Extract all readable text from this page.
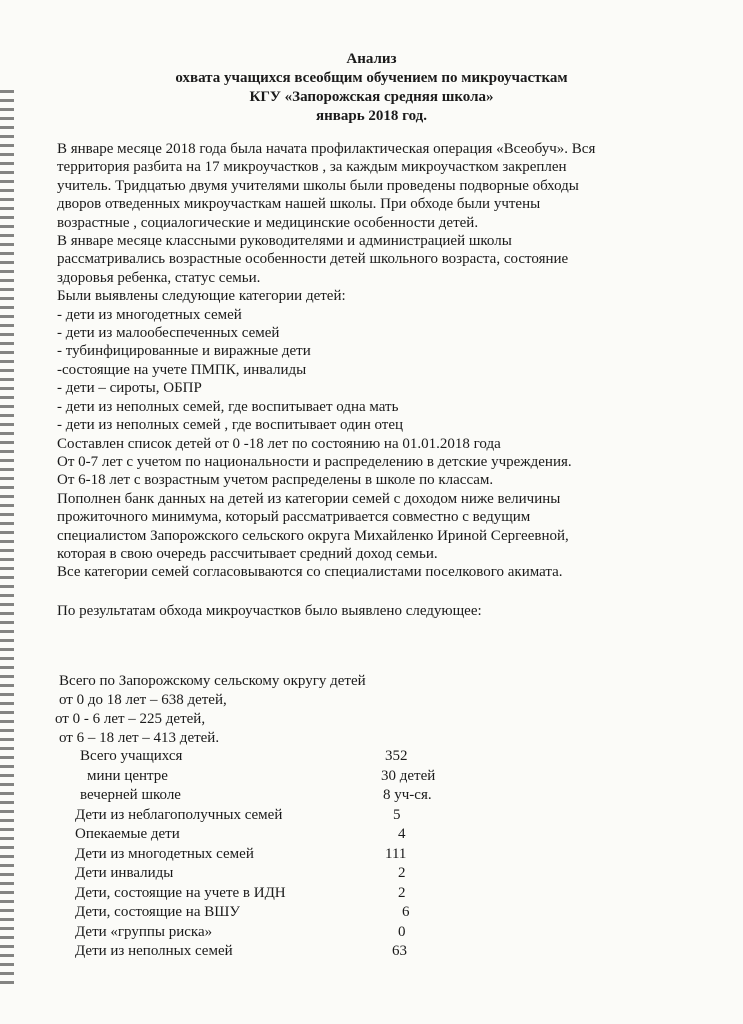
Анализ
охвата учащихся всеобщим обучением по микроучасткам
КГУ «Запорожская средняя школа»
январь 2018 год.
В январе месяце 2018 года была начата профилактическая операция «Всеобуч». Вся
территория разбита на 17 микроучастков , за каждым микроучастком закреплен
учитель. Тридцатью двумя учителями школы были проведены подворные обходы
дворов отведенных микроучасткам нашей школы. При обходе были учтены
возрастные , социалогические и медицинские особенности детей.
В январе месяце классными руководителями и администрацией школы
рассматривались возрастные особенности детей школьного возраста, состояние
здоровья ребенка, статус семьи.
Были выявлены следующие категории детей:
- дети из многодетных семей
- дети из малообеспеченных семей
- тубинфицированные и виражные дети
-состоящие на учете ПМПК, инвалиды
- дети – сироты, ОБПР
- дети из неполных семей, где воспитывает одна мать
- дети из неполных семей , где воспитывает один отец
Составлен список детей от 0 -18 лет по состоянию на 01.01.2018 года
От 0-7 лет с учетом по национальности и распределению в детские учреждения.
От 6-18 лет с возрастным учетом распределены в школе по классам.
Пополнен банк данных на детей из категории семей с доходом ниже величины
прожиточного минимума, который рассматривается совместно с ведущим
специалистом Запорожского сельского округа Михайленко Ириной Сергеевной,
которая в свою очередь рассчитывает средний доход семьи.
Все категории семей согласовываются со специалистами поселкового акимата.
По результатам обхода микроучастков было выявлено следующее:
Всего по Запорожскому сельскому округу детей
от 0 до 18 лет – 638 детей,
от 0 - 6 лет – 225 детей,
от 6 – 18 лет – 413 детей.
Всего учащихся	352
мини центре	30 детей
вечерней школе	8 уч-ся.
Дети из неблагополучных семей	5
Опекаемые дети	4
Дети из многодетных семей	111
Дети инвалиды	2
Дети, состоящие на учете в ИДН	2
Дети, состоящие на ВШУ	6
Дети «группы риска»	0
Дети из неполных семей	63
